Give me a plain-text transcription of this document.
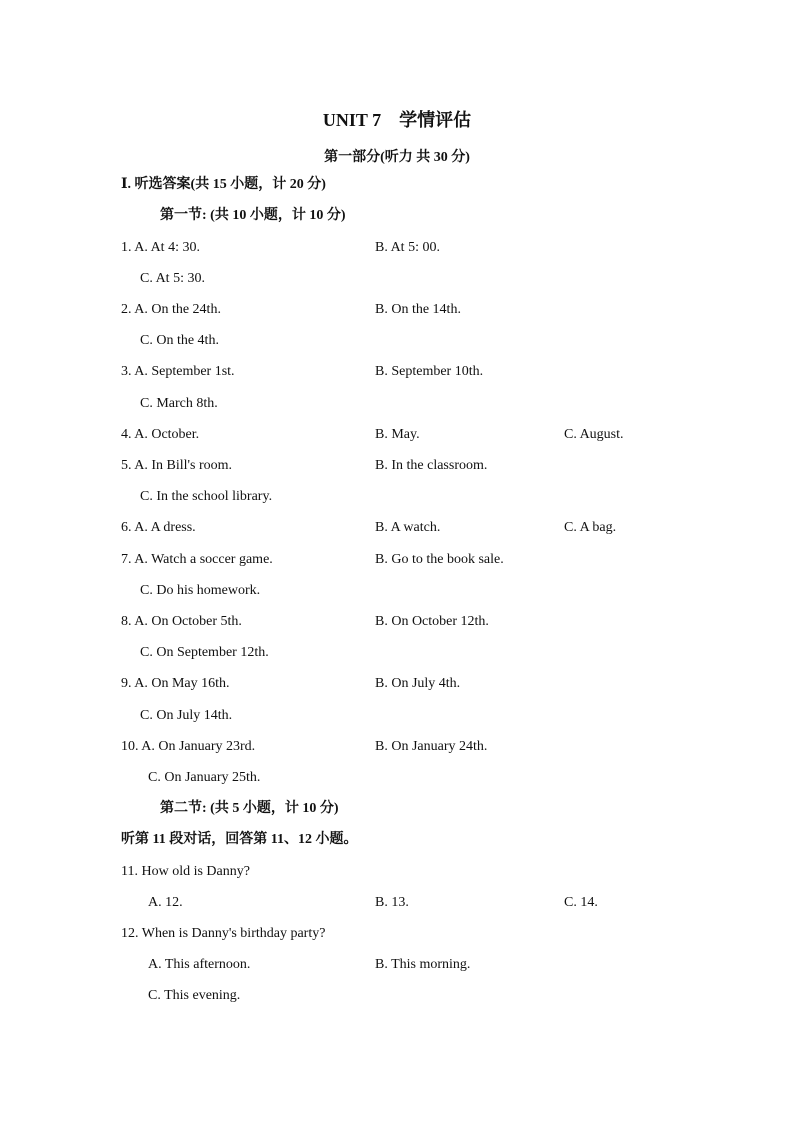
UNIT 7　学情评估
第一部分(听力 共 30 分)
Ⅰ. 听选答案(共 15 小题，计 20 分)
第一节: (共 10 小题，计 10 分)
1. A. At 4: 30.	B. At 5: 00.
C. At 5: 30.
2. A. On the 24th.	B. On the 14th.
C. On the 4th.
3. A. September 1st.	B. September 10th.
C. March 8th.
4. A. October.	B. May.	C. August.
5. A. In Bill's room.	B. In the classroom.
C. In the school library.
6. A. A dress.	B. A watch.	C. A bag.
7. A. Watch a soccer game.	B. Go to the book sale.
C. Do his homework.
8. A. On October 5th.	B. On October 12th.
C. On September 12th.
9. A. On May 16th.	B. On July 4th.
C. On July 14th.
10. A. On January 23rd.	B. On January 24th.
C. On January 25th.
第二节: (共 5 小题，计 10 分)
听第 11 段对话，回答第 11、12 小题。
11. How old is Danny?
A. 12.	B. 13.	C. 14.
12. When is Danny's birthday party?
A. This afternoon.	B. This morning.
C. This evening.
